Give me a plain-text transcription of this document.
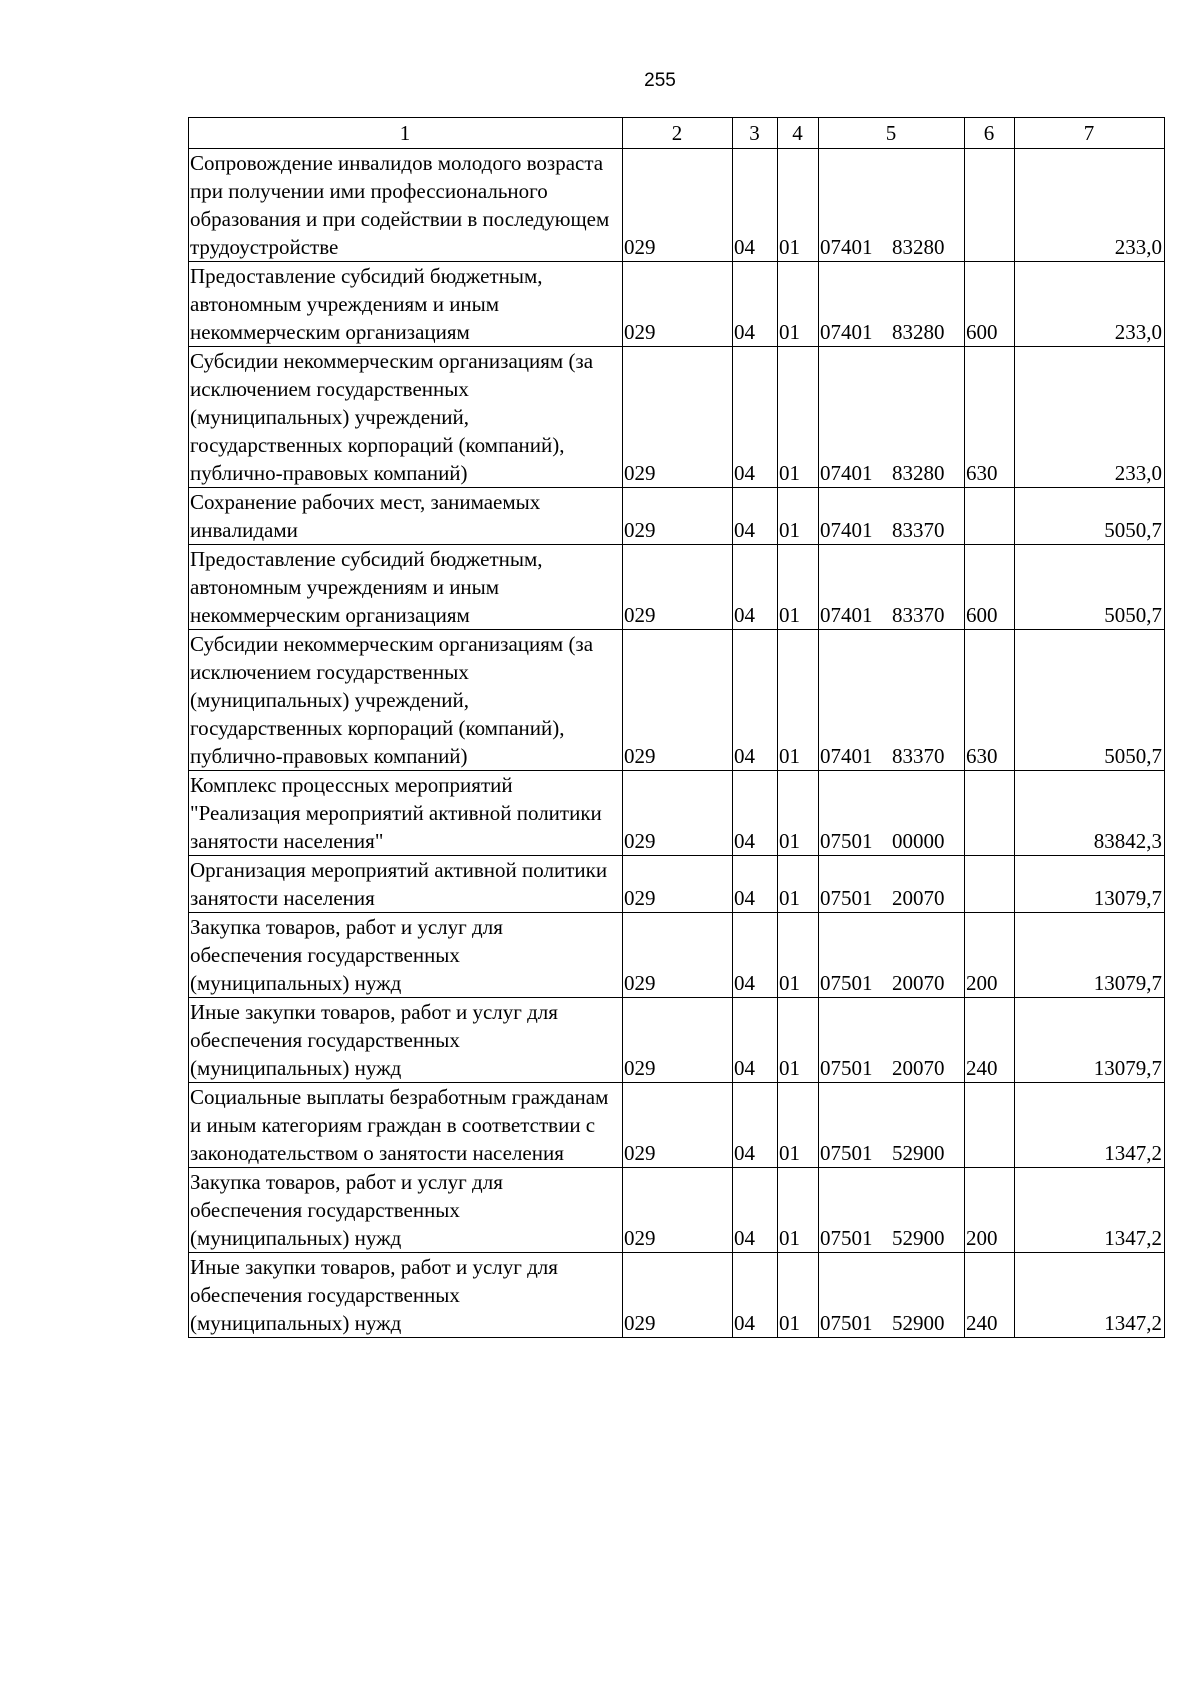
255
1	2	3	4	5	6	7
Сопровождение инвалидов молодого возраста при получении ими профессионального образования и при содействии в последующем трудоустройстве	029	04	01	07401 83280		233,0
Предоставление субсидий бюджетным, автономным учреждениям и иным некоммерческим организациям	029	04	01	07401 83280	600	233,0
Субсидии некоммерческим организациям (за исключением государственных (муниципальных) учреждений, государственных корпораций (компаний), публично-правовых компаний)	029	04	01	07401 83280	630	233,0
Сохранение рабочих мест, занимаемых инвалидами	029	04	01	07401 83370		5050,7
Предоставление субсидий бюджетным, автономным учреждениям и иным некоммерческим организациям	029	04	01	07401 83370	600	5050,7
Субсидии некоммерческим организациям (за исключением государственных (муниципальных) учреждений, государственных корпораций (компаний), публично-правовых компаний)	029	04	01	07401 83370	630	5050,7
Комплекс процессных мероприятий "Реализация мероприятий активной политики занятости населения"	029	04	01	07501 00000		83842,3
Организация мероприятий активной политики занятости населения	029	04	01	07501 20070		13079,7
Закупка товаров, работ и услуг для обеспечения государственных (муниципальных) нужд	029	04	01	07501 20070	200	13079,7
Иные закупки товаров, работ и услуг для обеспечения государственных (муниципальных) нужд	029	04	01	07501 20070	240	13079,7
Социальные выплаты безработным гражданам и иным категориям граждан в соответствии с законодательством о занятости населения	029	04	01	07501 52900		1347,2
Закупка товаров, работ и услуг для обеспечения государственных (муниципальных) нужд	029	04	01	07501 52900	200	1347,2
Иные закупки товаров, работ и услуг для обеспечения государственных (муниципальных) нужд	029	04	01	07501 52900	240	1347,2
